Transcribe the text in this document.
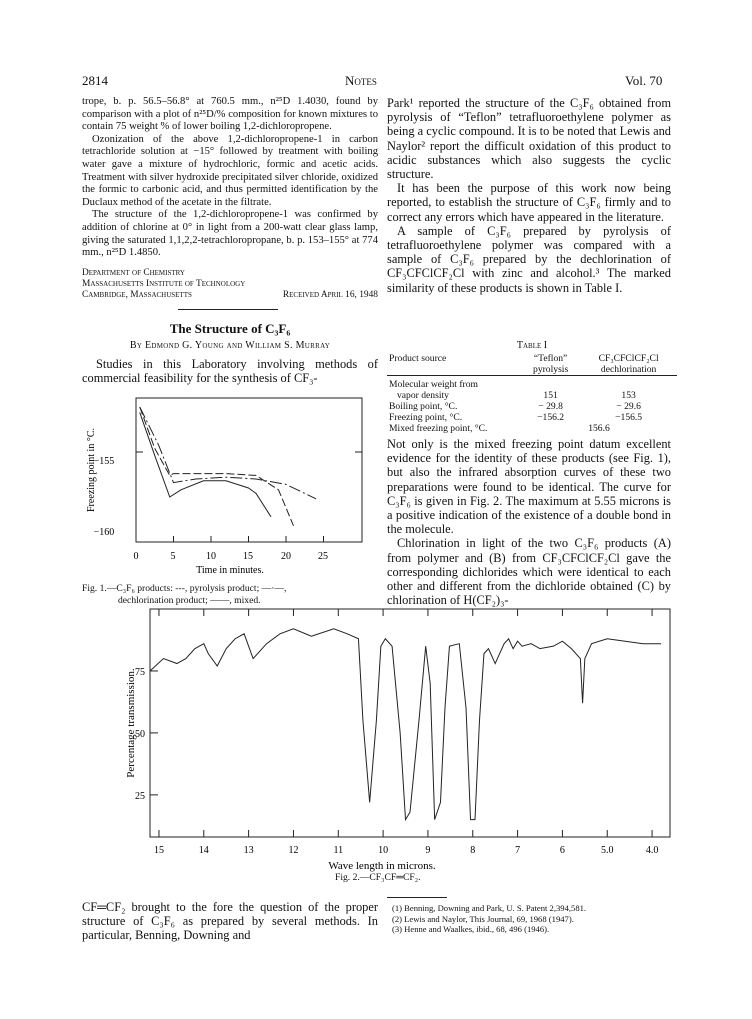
2814	Notes	Vol. 70

trope, b. p. 56.5–56.8° at 760.5 mm., n²⁵D 1.4030, found by comparison with a plot of n²⁵D/% composition for known mixtures to contain 75 weight % of lower boiling 1,2-dichloropropene.

Ozonization of the above 1,2-dichloropropene-1 in carbon tetrachloride solution at −15° followed by treatment with boiling water gave a mixture of hydrochloric, formic and acetic acids. Treatment with silver hydroxide precipitated silver chloride, oxidized the formic to carbonic acid, and thus permitted identification by the Duclaux method of the acetate in the filtrate.

The structure of the 1,2-dichloropropene-1 was confirmed by addition of chlorine at 0° in light from a 200-watt clear glass lamp, giving the saturated 1,1,2,2-tetrachloropropane, b. p. 153–155° at 774 mm., n²⁵D 1.4850.

Department of Chemistry
Massachusetts Institute of Technology
Cambridge, Massachusetts	Received April 16, 1948
The Structure of C₃F₆
By Edmond G. Young and William S. Murray
Studies in this Laboratory involving methods of commercial feasibility for the synthesis of CF₃-
Freezing point in °C.
−155
−160
0	5	10	15	20	25
Time in minutes.
Fig. 1.—C₃F₆ products: ---, pyrolysis product; —·—,
dechlorination product; ——, mixed.

Park¹ reported the structure of the C₃F₆ obtained from pyrolysis of “Teflon” tetrafluoroethylene polymer as being a cyclic compound. It is to be noted that Lewis and Naylor² report the difficult oxidation of this product to acidic substances which also suggests the cyclic structure.

It has been the purpose of this work now being reported, to establish the structure of C₃F₆ firmly and to correct any errors which have appeared in the literature.

A sample of C₃F₆ prepared by pyrolysis of tetrafluoroethylene polymer was compared with a sample of C₃F₆ prepared by the dechlorination of CF₃CFClCF₂Cl with zinc and alcohol.³ The marked similarity of these products is shown in Table I.

Table I
Product source	“Teflon”	CF₃CFClCF₂Cl
	pyrolysis	dechlorination
Molecular weight from		
vapor density	151	153
Boiling point, °C.	− 29.8	− 29.6
Freezing point, °C.	−156.2	−156.5
Mixed freezing point, °C.	156.6	

Not only is the mixed freezing point datum excellent evidence for the identity of these products (see Fig. 1), but also the infrared absorption curves of these two preparations were found to be identical. The curve for C₃F₆ is given in Fig. 2. The maximum at 5.55 microns is a positive indication of the existence of a double bond in the molecule.

Chlorination in light of the two C₃F₆ products (A) from polymer and (B) from CF₃CFClCF₂Cl gave the corresponding dichlorides which were identical to each other and different from the dichloride obtained (C) by chlorination of H(CF₂)₃-

Percentage transmission.
75
50
25
15	14	13	12	11	10	9	8	7	6	5.0	4.0
Wave length in microns.
Fig. 2.—CF₃CF═CF₂.
CF═CF₂ brought to the fore the question of the proper structure of C₃F₆ as prepared by several methods. In particular, Benning, Downing and
(1) Benning, Downing and Park, U. S. Patent 2,394,581.
(2) Lewis and Naylor, This Journal, 69, 1968 (1947).
(3) Henne and Waalkes, ibid., 68, 496 (1946).
